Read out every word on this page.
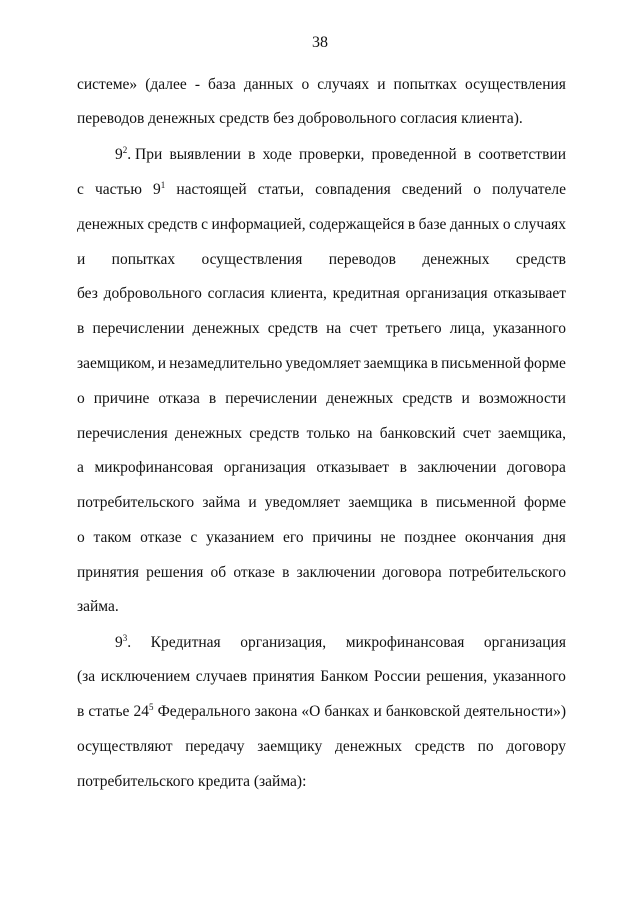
38
системе» (далее - база данных о случаях и попытках осуществления
переводов денежных средств без добровольного согласия клиента).
$9^2$. При выявлении в ходе проверки, проведенной в соответствии
с частью $9^1$ настоящей статьи, совпадения сведений о получателе
денежных средств с информацией, содержащейся в базе данных о случаях
и попытках осуществления переводов денежных средств
без добровольного согласия клиента, кредитная организация отказывает
в перечислении денежных средств на счет третьего лица, указанного
заемщиком, и незамедлительно уведомляет заемщика в письменной форме
о причине отказа в перечислении денежных средств и возможности
перечисления денежных средств только на банковский счет заемщика,
а микрофинансовая организация отказывает в заключении договора
потребительского займа и уведомляет заемщика в письменной форме
о таком отказе с указанием его причины не позднее окончания дня
принятия решения об отказе в заключении договора потребительского
займа.
$9^3$. Кредитная организация, микрофинансовая организация
(за исключением случаев принятия Банком России решения, указанного
в статье $24^5$ Федерального закона «О банках и банковской деятельности»)
осуществляют передачу заемщику денежных средств по договору
потребительского кредита (займа):
